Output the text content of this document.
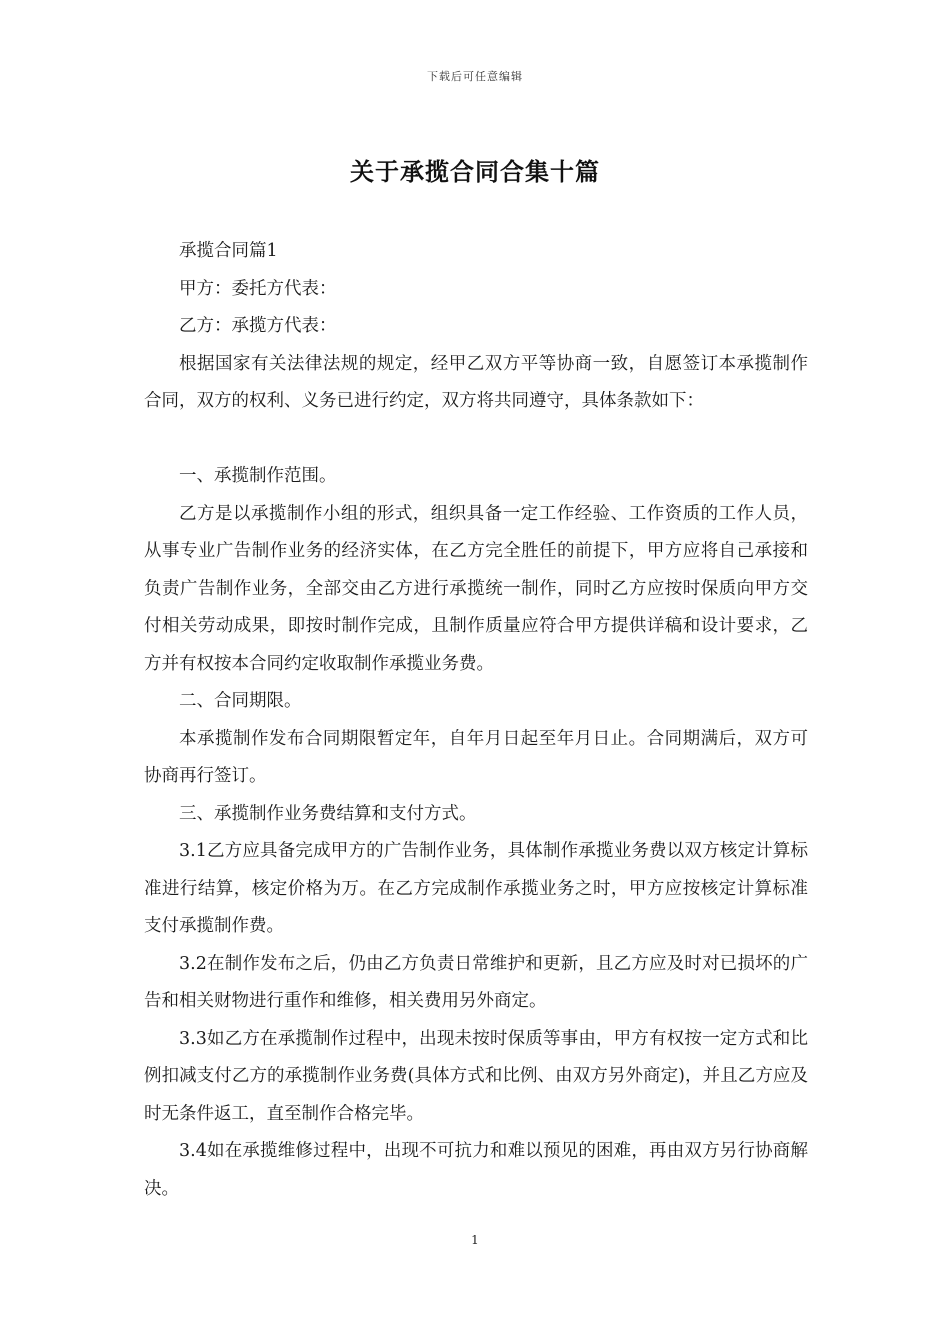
下载后可任意编辑
关于承揽合同合集十篇

承揽合同篇1

甲方：委托方代表：

乙方：承揽方代表：

根据国家有关法律法规的规定，经甲乙双方平等协商一致，自愿签订本承揽制作合同，双方的权利、义务已进行约定，双方将共同遵守，具体条款如下：

一、承揽制作范围。

乙方是以承揽制作小组的形式，组织具备一定工作经验、工作资质的工作人员，从事专业广告制作业务的经济实体，在乙方完全胜任的前提下，甲方应将自己承接和负责广告制作业务，全部交由乙方进行承揽统一制作，同时乙方应按时保质向甲方交付相关劳动成果，即按时制作完成，且制作质量应符合甲方提供详稿和设计要求，乙方并有权按本合同约定收取制作承揽业务费。

二、合同期限。

本承揽制作发布合同期限暂定年，自年月日起至年月日止。合同期满后，双方可协商再行签订。

三、承揽制作业务费结算和支付方式。

3.1乙方应具备完成甲方的广告制作业务，具体制作承揽业务费以双方核定计算标准进行结算，核定价格为万。在乙方完成制作承揽业务之时，甲方应按核定计算标准支付承揽制作费。

3.2在制作发布之后，仍由乙方负责日常维护和更新，且乙方应及时对已损坏的广告和相关财物进行重作和维修，相关费用另外商定。

3.3如乙方在承揽制作过程中，出现未按时保质等事由，甲方有权按一定方式和比例扣减支付乙方的承揽制作业务费(具体方式和比例、由双方另外商定)，并且乙方应及时无条件返工，直至制作合格完毕。

3.4如在承揽维修过程中，出现不可抗力和难以预见的困难，再由双方另行协商解决。

1
